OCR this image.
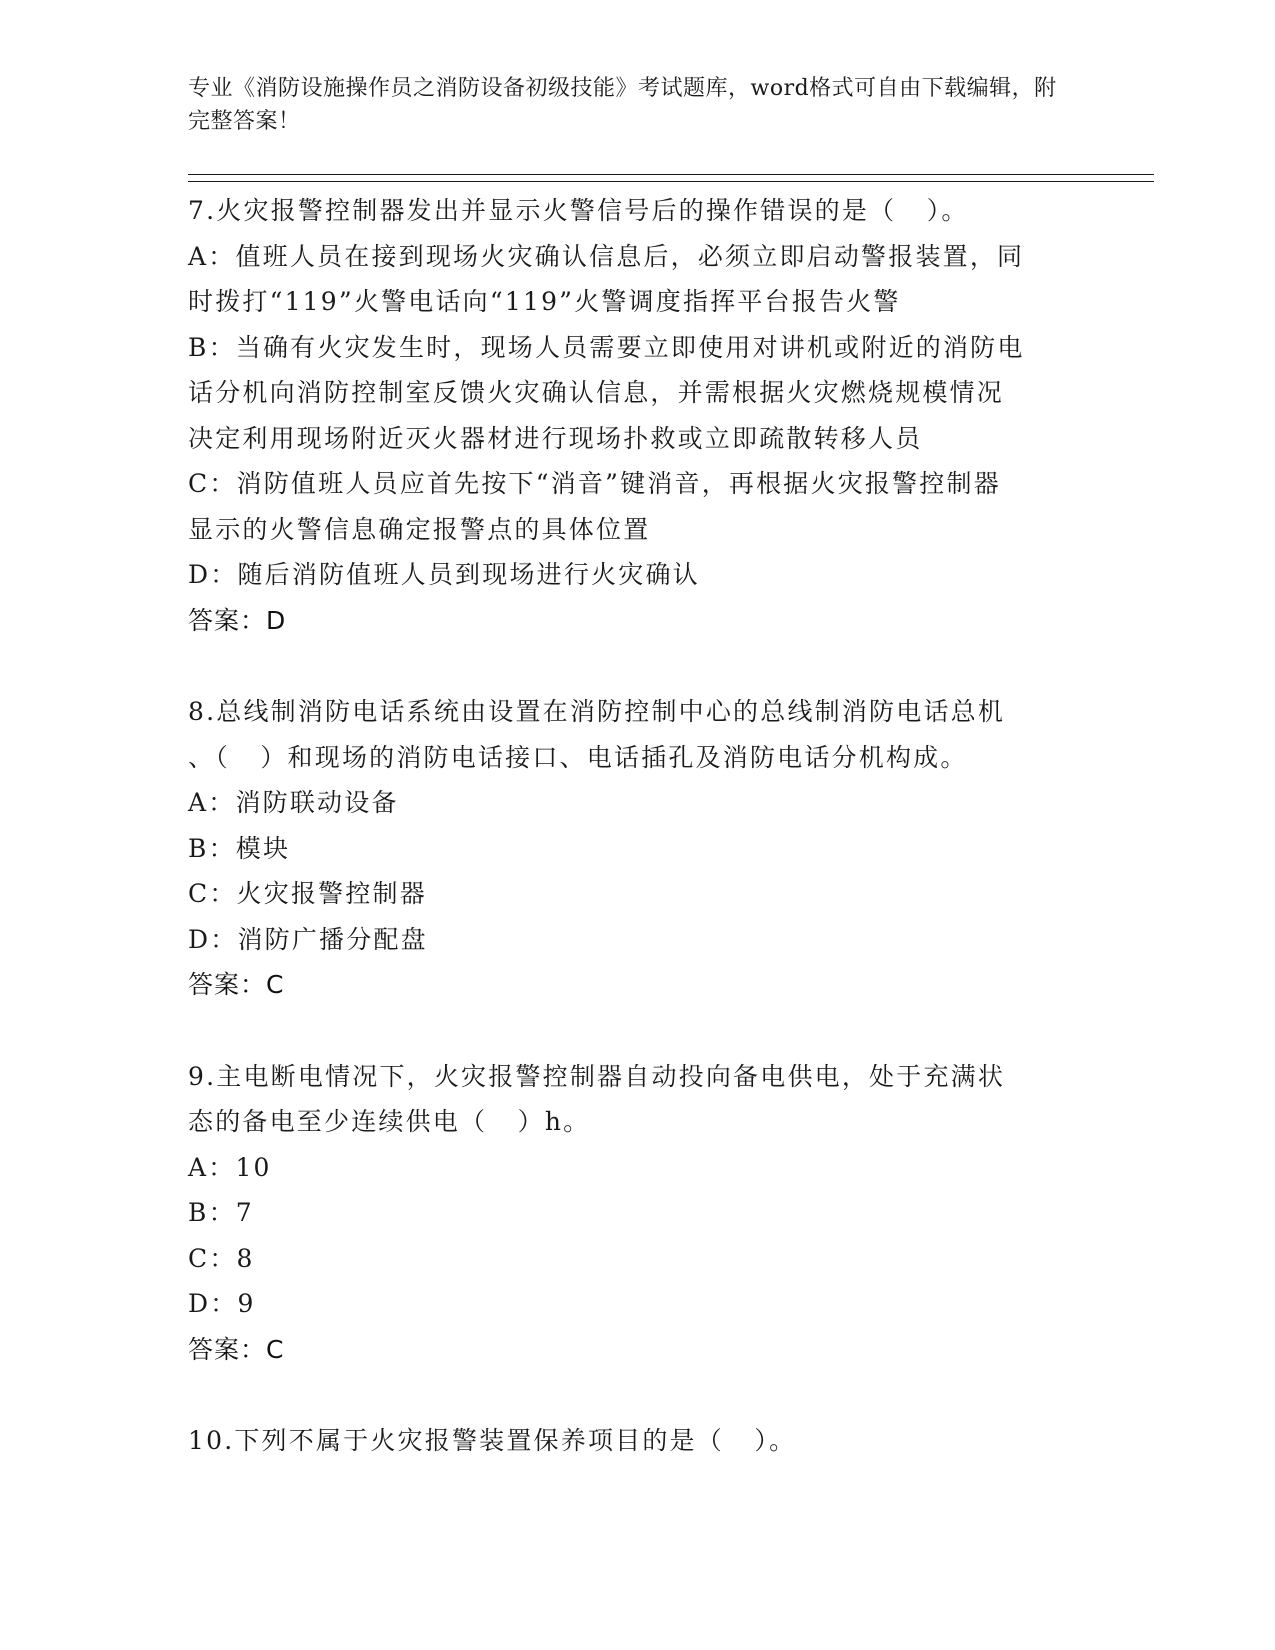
专业《消防设施操作员之消防设备初级技能》考试题库，word格式可自由下载编辑，附完整答案！
7.火灾报警控制器发出并显示火警信号后的操作错误的是（   ）。
A：值班人员在接到现场火灾确认信息后，必须立即启动警报装置，同
时拨打“119”火警电话向“119”火警调度指挥平台报告火警
B：当确有火灾发生时，现场人员需要立即使用对讲机或附近的消防电
话分机向消防控制室反馈火灾确认信息，并需根据火灾燃烧规模情况
决定利用现场附近灭火器材进行现场扑救或立即疏散转移人员
C：消防值班人员应首先按下“消音”键消音，再根据火灾报警控制器
显示的火警信息确定报警点的具体位置
D：随后消防值班人员到现场进行火灾确认
答案：D
8.总线制消防电话系统由设置在消防控制中心的总线制消防电话总机
、（   ）和现场的消防电话接口、电话插孔及消防电话分机构成。
A：消防联动设备
B：模块
C：火灾报警控制器
D：消防广播分配盘
答案：C
9.主电断电情况下，火灾报警控制器自动投向备电供电，处于充满状
态的备电至少连续供电（   ）h。
A：10
B：7
C：8
D：9
答案：C
10.下列不属于火灾报警装置保养项目的是（   ）。
